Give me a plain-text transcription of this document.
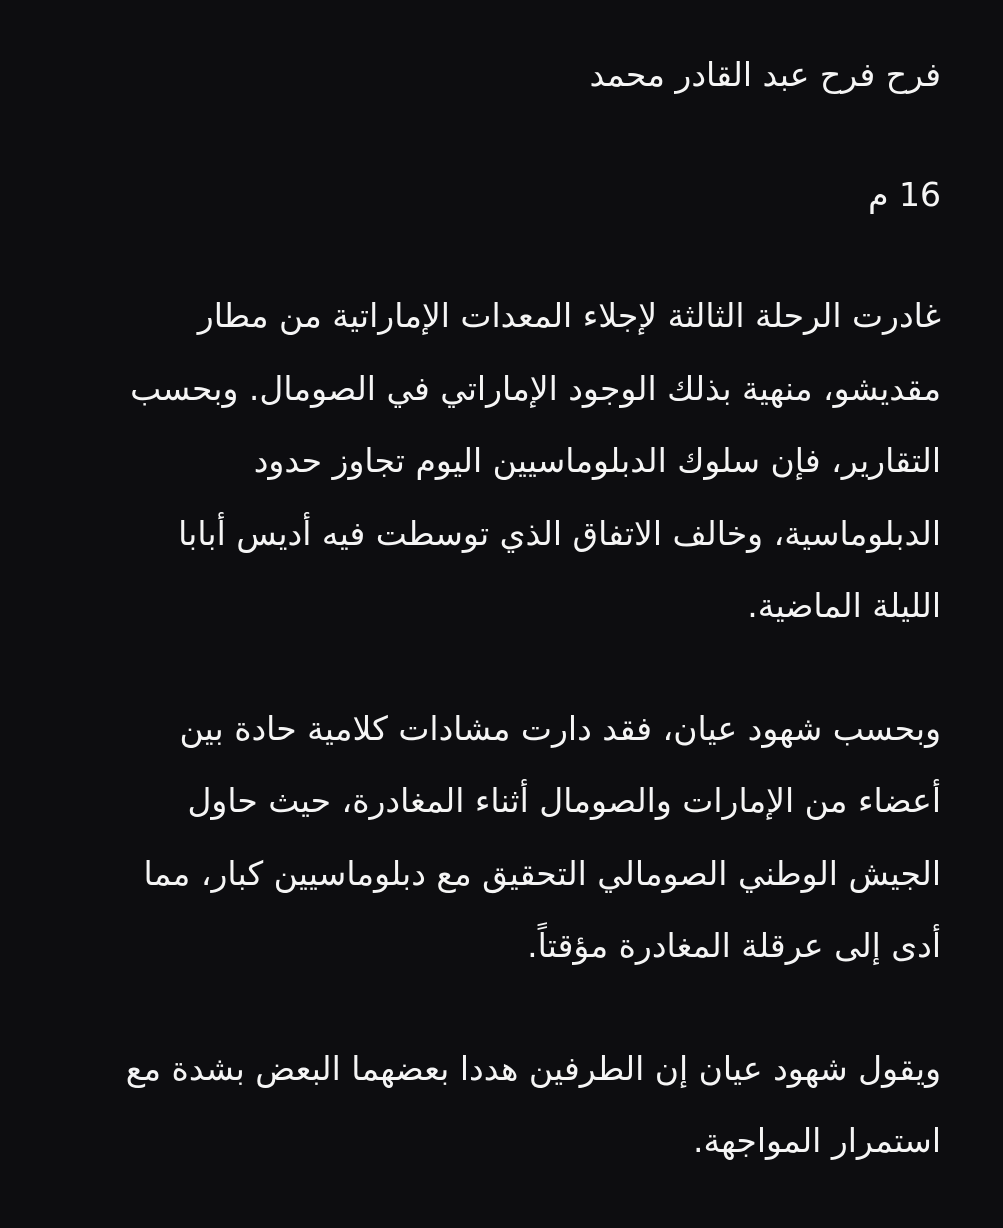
فرح فرح عبد القادر محمد

16 م

غادرت الرحلة الثالثة لإجلاء المعدات الإماراتية من مطار
مقديشو، منهية بذلك الوجود الإماراتي في الصومال. وبحسب
التقارير، فإن سلوك الدبلوماسيين اليوم تجاوز حدود
الدبلوماسية، وخالف الاتفاق الذي توسطت فيه أديس أبابا
الليلة الماضية.

وبحسب شهود عيان، فقد دارت مشادات كلامية حادة بين
أعضاء من الإمارات والصومال أثناء المغادرة، حيث حاول
الجيش الوطني الصومالي التحقيق مع دبلوماسيين كبار، مما
أدى إلى عرقلة المغادرة مؤقتاً.

ويقول شهود عيان إن الطرفين هددا بعضهما البعض بشدة مع
استمرار المواجهة.
